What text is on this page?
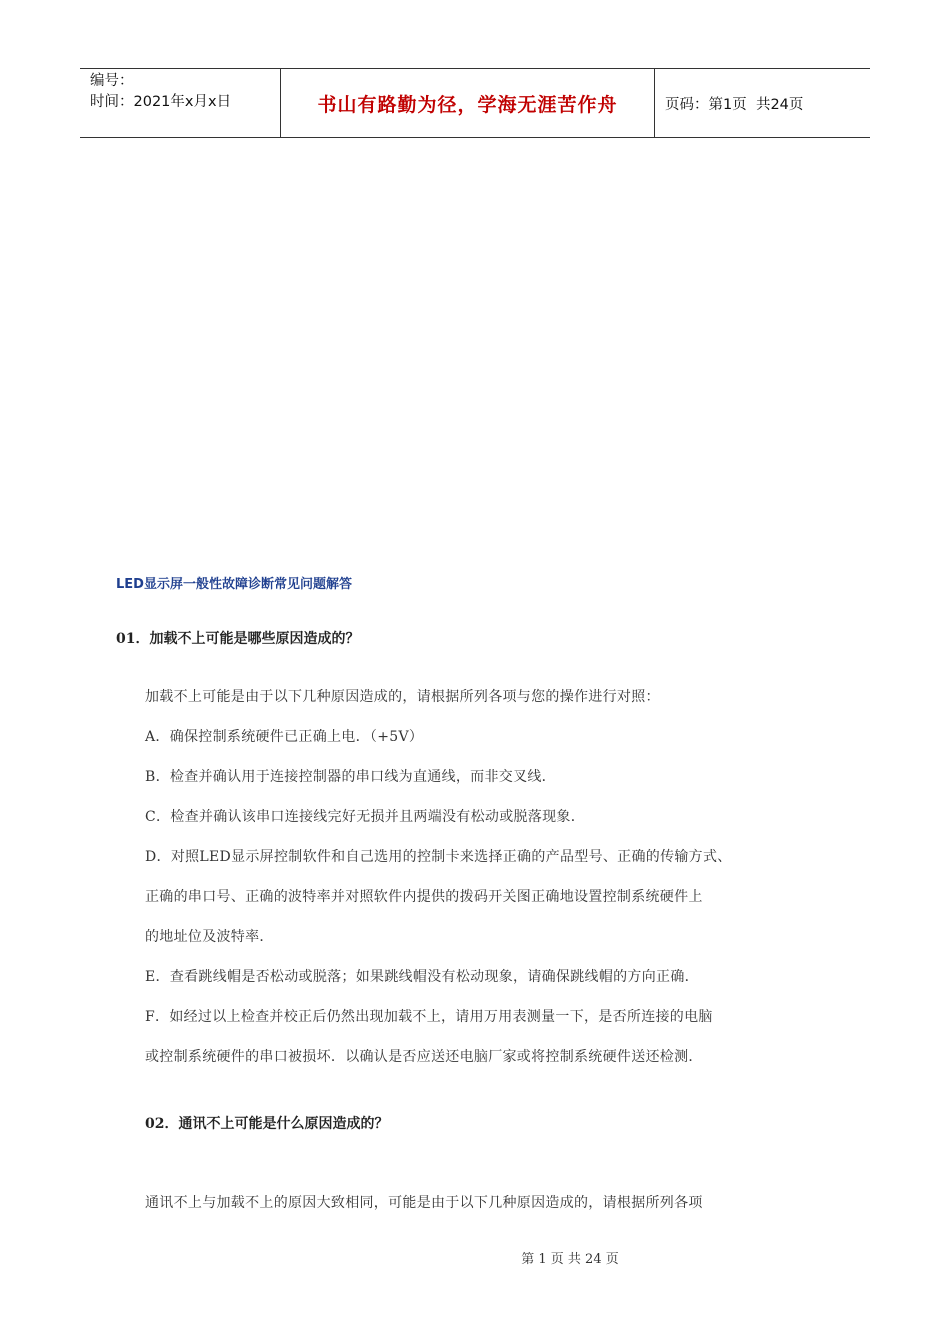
编号：
时间：2021年x月x日	书山有路勤为径，学海无涯苦作舟	页码：第1页  共24页
LED显示屏一般性故障诊断常见问题解答
01．加载不上可能是哪些原因造成的？
加载不上可能是由于以下几种原因造成的，请根据所列各项与您的操作进行对照：
A．确保控制系统硬件已正确上电．（+5V）
B．检查并确认用于连接控制器的串口线为直通线，而非交叉线．
C．检查并确认该串口连接线完好无损并且两端没有松动或脱落现象．
D．对照LED显示屏控制软件和自己选用的控制卡来选择正确的产品型号、正确的传输方式、
正确的串口号、正确的波特率并对照软件内提供的拨码开关图正确地设置控制系统硬件上
的地址位及波特率．
E．查看跳线帽是否松动或脱落；如果跳线帽没有松动现象，请确保跳线帽的方向正确．
F．如经过以上检查并校正后仍然出现加载不上，请用万用表测量一下，是否所连接的电脑
或控制系统硬件的串口被损坏．以确认是否应送还电脑厂家或将控制系统硬件送还检测．
02．通讯不上可能是什么原因造成的？
通讯不上与加载不上的原因大致相同，可能是由于以下几种原因造成的，请根据所列各项
第 1 页 共 24 页
